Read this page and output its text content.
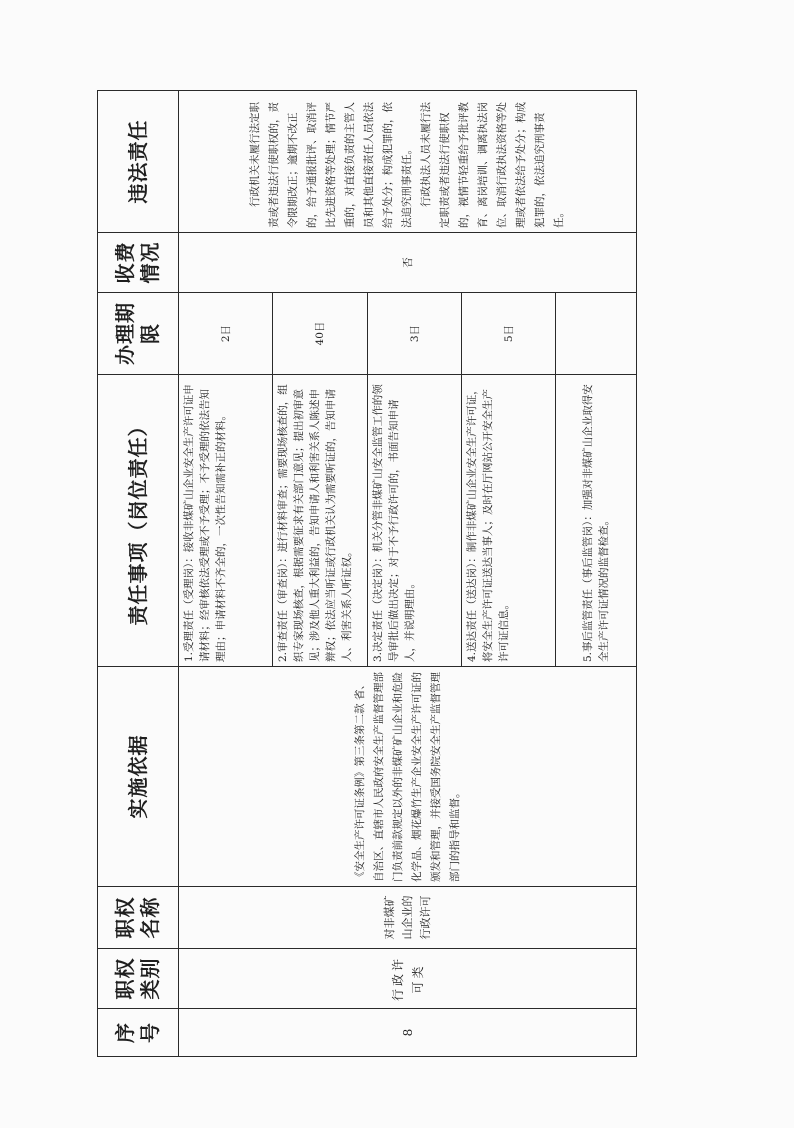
序号	职权类别	职权名称	实施依据	责任事项（岗位责任）	办理期限	收费情况	违法责任
8	行政许可类	对非煤矿山企业的行政许可	《安全生产许可证条例》第三条第二款 省、自治区、直辖市人民政府安全生产监督管理部门负责前款规定以外的非煤矿矿山企业和危险化学品、烟花爆竹生产企业安全生产许可证的颁发和管理，并接受国务院安全生产监督管理部门的指导和监督。	1.受理责任（受理岗）：接收非煤矿山企业安全生产许可证申请材料；经审核依法受理或不予受理；不予受理的依法告知理由；申请材料不齐全的，一次性告知需补正的材料。	2日	否	行政机关未履行法定职责或者违法行使职权的，责令限期改正；逾期不改正的，给予通报批评、取消评比先进资格等处理；情节严重的，对直接负责的主管人员和其他直接责任人员依法给予处分；构成犯罪的，依法追究刑事责任。 行政执法人员未履行法定职责或者违法行使职权的，视情节轻重给予批评教育、离岗培训、调离执法岗位、取消行政执法资格等处理或者依法给予处分；构成犯罪的，依法追究刑事责任。

				2.审查责任（审查岗）：进行材料审查；需要现场核查的，组织专家现场核查，根据需要征求有关部门意见；提出初审意见；涉及他人重大利益的，告知申请人和利害关系人陈述申辩权；依法应当听证或行政机关认为需要听证的，告知申请人、利害关系人听证权。	40日		

				3.决定责任（决定岗）：机关分管非煤矿山安全监管工作的领导审批后做出决定；对于不予行政许可的，书面告知申请人，并说明理由。	3日		

				4.送达责任（送达岗）：制作非煤矿山企业安全生产许可证，将安全生产许可证送达当事人；及时在厅网站公开安全生产许可证信息。	5日		

				5.事后监管责任（事后监管岗）：加强对非煤矿山企业取得安全生产许可证情况的监督检查。			
